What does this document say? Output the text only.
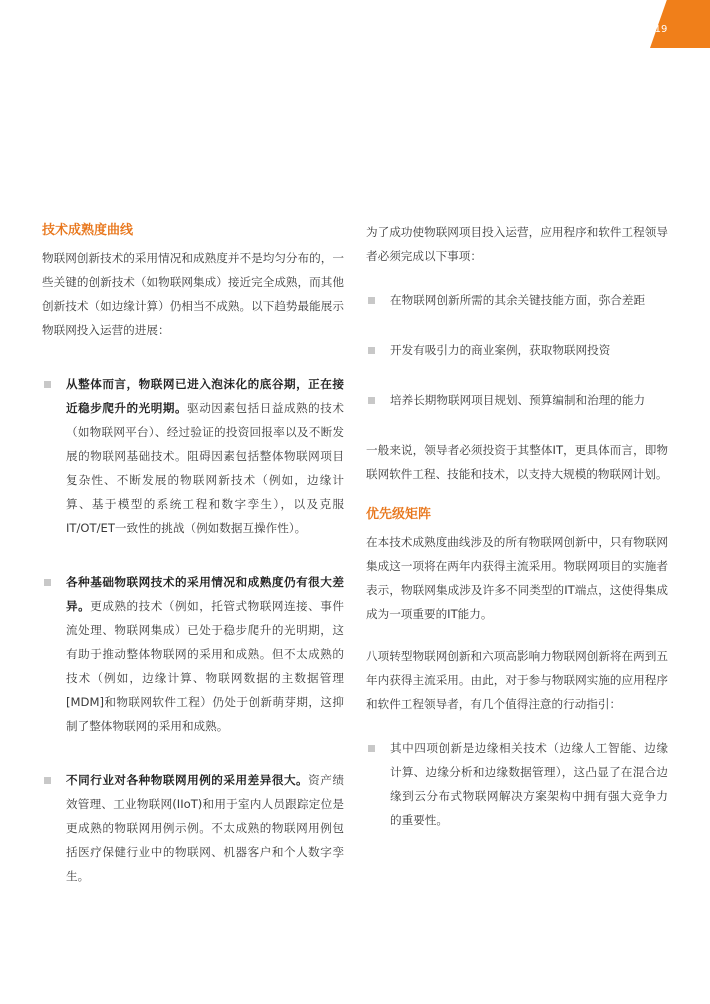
19
技术成熟度曲线

物联网创新技术的采用情况和成熟度并不是均匀分布的，一些关键的创新技术（如物联网集成）接近完全成熟，而其他创新技术（如边缘计算）仍相当不成熟。以下趋势最能展示物联网投入运营的进展：

从整体而言，物联网已进入泡沫化的底谷期，正在接近稳步爬升的光明期。驱动因素包括日益成熟的技术（如物联网平台）、经过验证的投资回报率以及不断发展的物联网基础技术。阻碍因素包括整体物联网项目复杂性、不断发展的物联网新技术（例如，边缘计算、基于模型的系统工程和数字孪生），以及克服IT/OT/ET一致性的挑战（例如数据互操作性）。
各种基础物联网技术的采用情况和成熟度仍有很大差异。更成熟的技术（例如，托管式物联网连接、事件流处理、物联网集成）已处于稳步爬升的光明期，这有助于推动整体物联网的采用和成熟。但不太成熟的技术（例如，边缘计算、物联网数据的主数据管理[MDM]和物联网软件工程）仍处于创新萌芽期，这抑制了整体物联网的采用和成熟。
不同行业对各种物联网用例的采用差异很大。资产绩效管理、工业物联网(IIoT)和用于室内人员跟踪定位是更成熟的物联网用例示例。不太成熟的物联网用例包括医疗保健行业中的物联网、机器客户和个人数字孪生。

为了成功使物联网项目投入运营，应用程序和软件工程领导者必须完成以下事项：

在物联网创新所需的其余关键技能方面，弥合差距
开发有吸引力的商业案例，获取物联网投资
培养长期物联网项目规划、预算编制和治理的能力

一般来说，领导者必须投资于其整体IT，更具体而言，即物联网软件工程、技能和技术，以支持大规模的物联网计划。

优先级矩阵

在本技术成熟度曲线涉及的所有物联网创新中，只有物联网集成这一项将在两年内获得主流采用。物联网项目的实施者表示，物联网集成涉及许多不同类型的IT端点，这使得集成成为一项重要的IT能力。

八项转型物联网创新和六项高影响力物联网创新将在两到五年内获得主流采用。由此，对于参与物联网实施的应用程序和软件工程领导者，有几个值得注意的行动指引：

其中四项创新是边缘相关技术（边缘人工智能、边缘计算、边缘分析和边缘数据管理），这凸显了在混合边缘到云分布式物联网解决方案架构中拥有强大竞争力的重要性。
